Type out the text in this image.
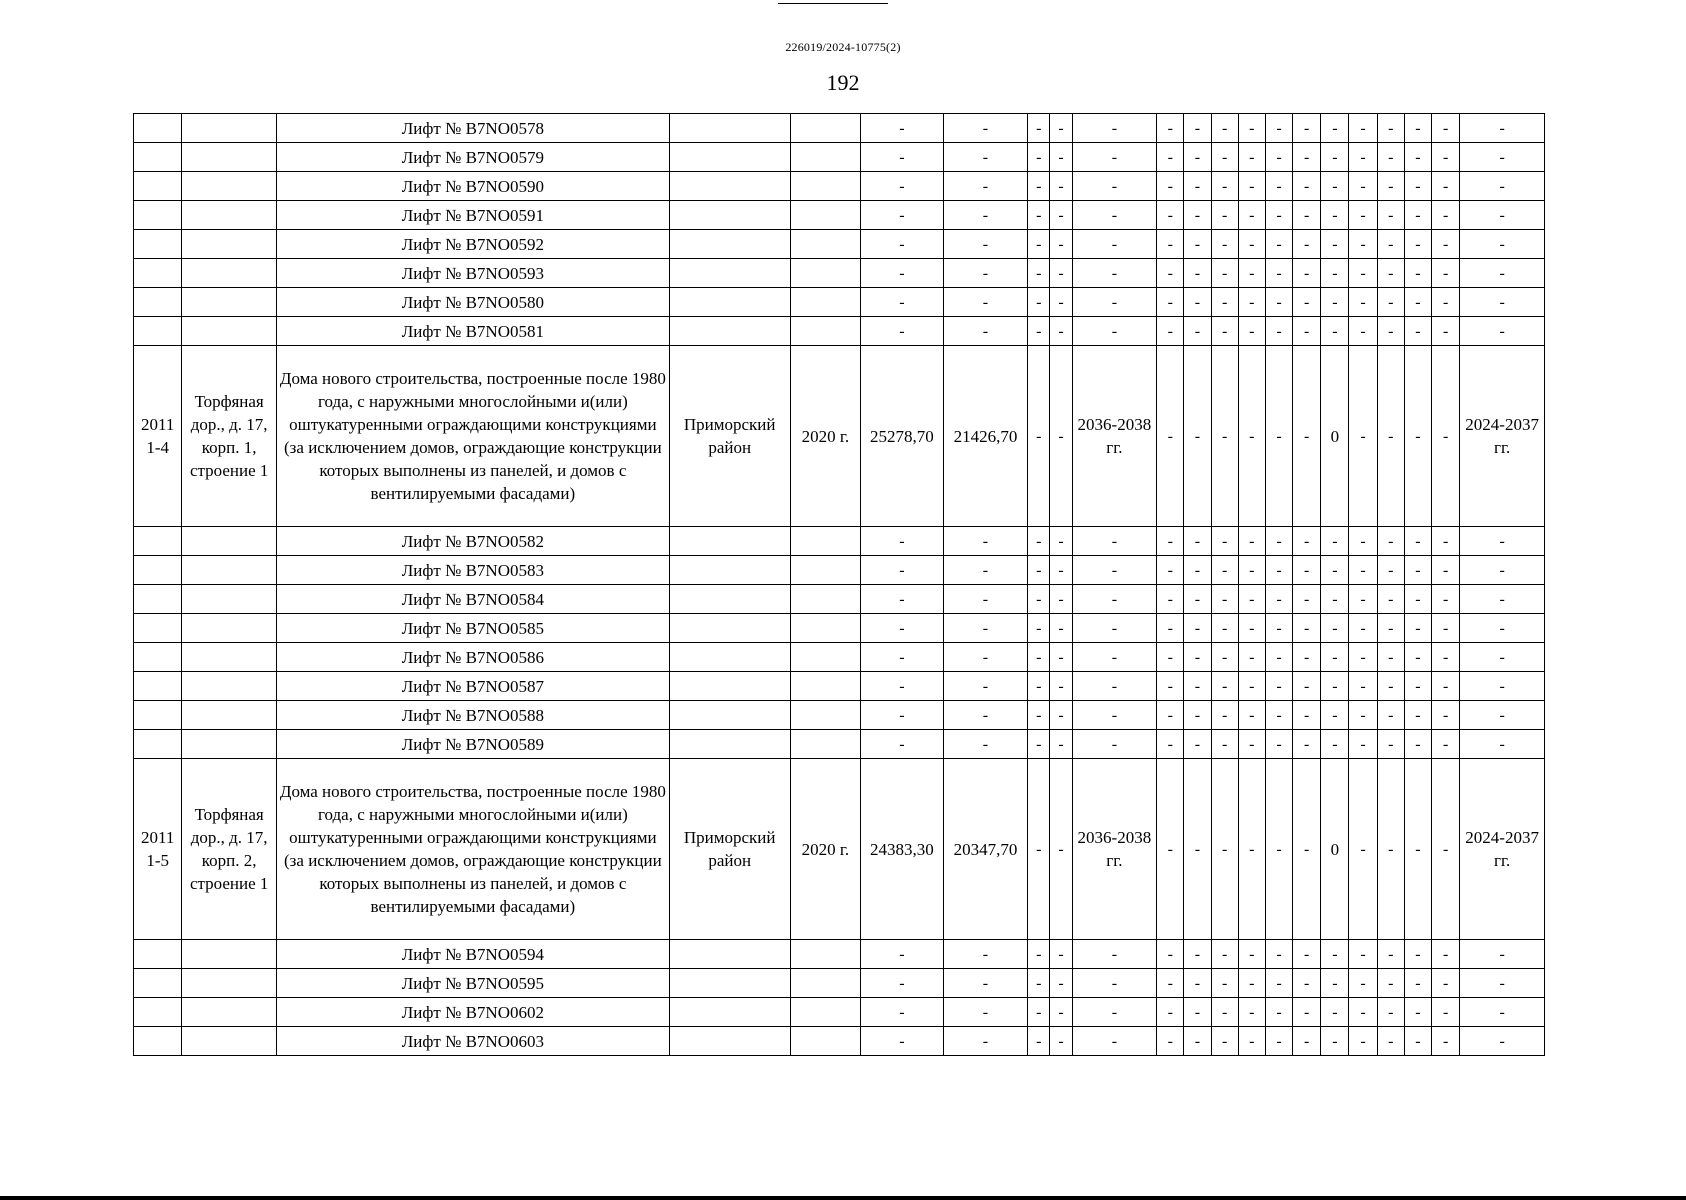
226019/2024-10775(2)
192
		Лифт № B7NO0578			-	-	-	-	-	-	-	-	-	-	-	-	-	-	-	-	-
		Лифт № B7NO0579			-	-	-	-	-	-	-	-	-	-	-	-	-	-	-	-	-
		Лифт № B7NO0590			-	-	-	-	-	-	-	-	-	-	-	-	-	-	-	-	-
		Лифт № B7NO0591			-	-	-	-	-	-	-	-	-	-	-	-	-	-	-	-	-
		Лифт № B7NO0592			-	-	-	-	-	-	-	-	-	-	-	-	-	-	-	-	-
		Лифт № B7NO0593			-	-	-	-	-	-	-	-	-	-	-	-	-	-	-	-	-
		Лифт № B7NO0580			-	-	-	-	-	-	-	-	-	-	-	-	-	-	-	-	-
		Лифт № B7NO0581			-	-	-	-	-	-	-	-	-	-	-	-	-	-	-	-	-
2011 1-4	Торфяная дор., д. 17, корп. 1, строение 1	Дома нового строительства, построенные после 1980 года, с наружными многослойными и(или) оштукатуренными ограждающими конструкциями (за исключением домов, ограждающие конструкции которых выполнены из панелей, и домов с вентилируемыми фасадами)	Приморский район	2020 г.	25278,70	21426,70	-	-	2036-2038 гг.	-	-	-	-	-	-	0	-	-	-	-	2024-2037 гг.
		Лифт № B7NO0582			-	-	-	-	-	-	-	-	-	-	-	-	-	-	-	-	-
		Лифт № B7NO0583			-	-	-	-	-	-	-	-	-	-	-	-	-	-	-	-	-
		Лифт № B7NO0584			-	-	-	-	-	-	-	-	-	-	-	-	-	-	-	-	-
		Лифт № B7NO0585			-	-	-	-	-	-	-	-	-	-	-	-	-	-	-	-	-
		Лифт № B7NO0586			-	-	-	-	-	-	-	-	-	-	-	-	-	-	-	-	-
		Лифт № B7NO0587			-	-	-	-	-	-	-	-	-	-	-	-	-	-	-	-	-
		Лифт № B7NO0588			-	-	-	-	-	-	-	-	-	-	-	-	-	-	-	-	-
		Лифт № B7NO0589			-	-	-	-	-	-	-	-	-	-	-	-	-	-	-	-	-
2011 1-5	Торфяная дор., д. 17, корп. 2, строение 1	Дома нового строительства, построенные после 1980 года, с наружными многослойными и(или) оштукатуренными ограждающими конструкциями (за исключением домов, ограждающие конструкции которых выполнены из панелей, и домов с вентилируемыми фасадами)	Приморский район	2020 г.	24383,30	20347,70	-	-	2036-2038 гг.	-	-	-	-	-	-	0	-	-	-	-	2024-2037 гг.
		Лифт № B7NO0594			-	-	-	-	-	-	-	-	-	-	-	-	-	-	-	-	-
		Лифт № B7NO0595			-	-	-	-	-	-	-	-	-	-	-	-	-	-	-	-	-
		Лифт № B7NO0602			-	-	-	-	-	-	-	-	-	-	-	-	-	-	-	-	-
		Лифт № B7NO0603			-	-	-	-	-	-	-	-	-	-	-	-	-	-	-	-	-
